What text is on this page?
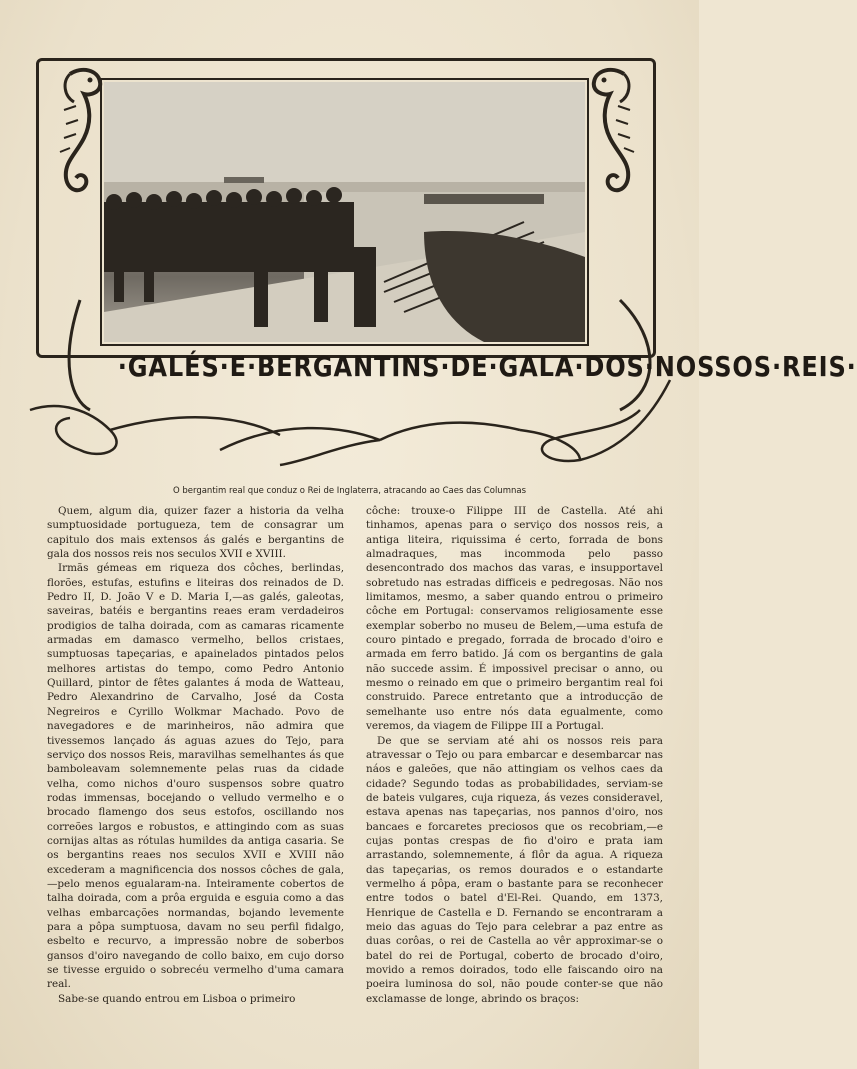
·GALÉS·E·BERGANTINS·DE·GALA·DOS·NOSSOS·REIS·
O bergantim real que conduz o Rei de Inglaterra, atracando ao Caes das Columnas

Quem, algum dia, quizer fazer a historia da velha sumptuosidade portugueza, tem de consagrar um capitulo dos mais extensos ás galés e bergantins de gala dos nossos reis nos seculos XVII e XVIII.

Irmãs gémeas em riqueza dos côches, berlindas, florões, estufas, estufins e liteiras dos reinados de D. Pedro II, D. João V e D. Maria I,—as galés, galeotas, saveiras, batéis e bergantins reaes eram verdadeiros prodigios de talha doirada, com as camaras ricamente armadas em damasco vermelho, bellos cristaes, sumptuosas tapeçarias, e apainelados pintados pelos melhores artistas do tempo, como Pedro Antonio Quillard, pintor de fêtes galantes á moda de Watteau, Pedro Alexandrino de Carvalho, José da Costa Negreiros e Cyrillo Wolkmar Machado. Povo de navegadores e de marinheiros, não admira que tivessemos lançado ás aguas azues do Tejo, para serviço dos nossos Reis, maravilhas semelhantes ás que bamboleavam solemnemente pelas ruas da cidade velha, como nichos d'ouro suspensos sobre quatro rodas immensas, bocejando o velludo vermelho e o brocado flamengo dos seus estofos, oscillando nos correões largos e robustos, e attingindo com as suas cornijas altas as rótulas humildes da antiga casaria. Se os bergantins reaes nos seculos XVII e XVIII não excederam a magnificencia dos nossos côches de gala,—pelo menos egualaram-na. Inteiramente cobertos de talha doirada, com a prôa erguida e esguia como a das velhas embarcações normandas, bojando levemente para a pôpa sumptuosa, davam no seu perfil fidalgo, esbelto e recurvo, a impressão nobre de soberbos gansos d'oiro navegando de collo baixo, em cujo dorso se tivesse erguido o sobrecéu vermelho d'uma camara real.

Sabe-se quando entrou em Lisboa o primeiro

côche: trouxe-o Filippe III de Castella. Até ahi tinhamos, apenas para o serviço dos nossos reis, a antiga liteira, riquissima é certo, forrada de bons almadraques, mas incommoda pelo passo desencontrado dos machos das varas, e insupportavel sobretudo nas estradas difficeis e pedregosas. Não nos limitamos, mesmo, a saber quando entrou o primeiro côche em Portugal: conservamos religiosamente esse exemplar soberbo no museu de Belem,—uma estufa de couro pintado e pregado, forrada de brocado d'oiro e armada em ferro batido. Já com os bergantins de gala não succede assim. É impossivel precisar o anno, ou mesmo o reinado em que o primeiro bergantim real foi construido. Parece entretanto que a introducção de semelhante uso entre nós data egualmente, como veremos, da viagem de Filippe III a Portugal.

De que se serviam até ahi os nossos reis para atravessar o Tejo ou para embarcar e desembarcar nas náos e galeões, que não attingiam os velhos caes da cidade? Segundo todas as probabilidades, serviam-se de bateis vulgares, cuja riqueza, ás vezes consideravel, estava apenas nas tapeçarias, nos pannos d'oiro, nos bancaes e forcaretes preciosos que os recobriam,—e cujas pontas crespas de fio d'oiro e prata iam arrastando, solemnemente, á flôr da agua. A riqueza das tapeçarias, os remos dourados e o estandarte vermelho á pôpa, eram o bastante para se reconhecer entre todos o batel d'El-Rei. Quando, em 1373, Henrique de Castella e D. Fernando se encontraram a meio das aguas do Tejo para celebrar a paz entre as duas corôas, o rei de Castella ao vêr approximar-se o batel do rei de Portugal, coberto de brocado d'oiro, movido a remos doirados, todo elle faiscando oiro na poeira luminosa do sol, não poude conter-se que não exclamasse de longe, abrindo os braços:
